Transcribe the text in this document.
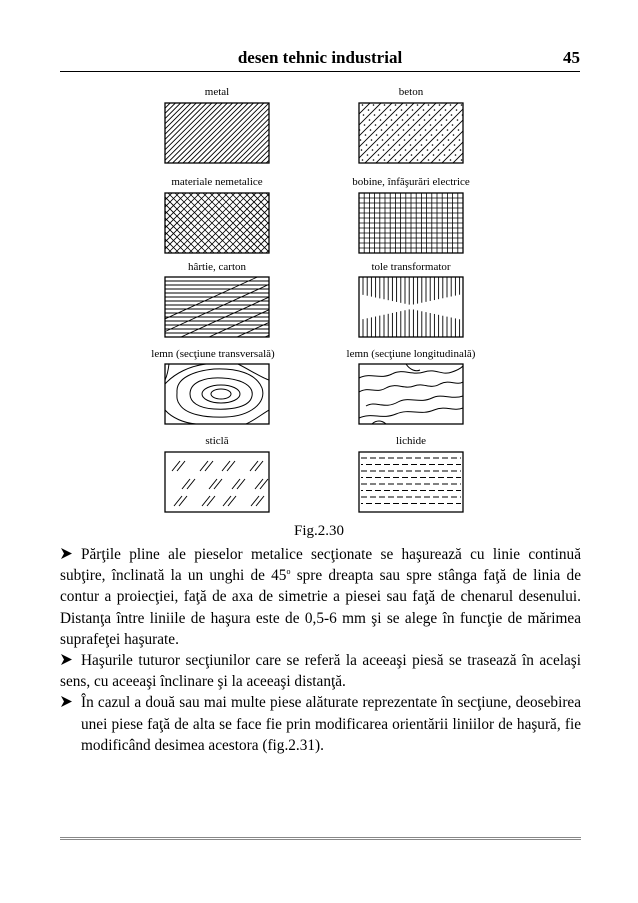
desen tehnic industrial	45
metal	beton
materiale nemetalice	bobine, înfăşurări electrice
hârtie, carton	tole transformator
lemn (secţiune transversală)	lemn (secţiune longitudinală)
sticlă	lichide
Fig.2.30

Părţile pline ale pieselor metalice secţionate se haşurează cu linie continuă subţire, înclinată la un unghi de 45$^o$ spre dreapta sau spre stânga faţă de linia de contur a proiecţiei, faţă de axa de simetrie a piesei sau faţă de chenarul desenului. Distanţa între liniile de haşura este de 0,5-6 mm şi se alege în funcţie de mărimea suprafeţei haşurate.

Haşurile tuturor secţiunilor care se referă la aceeaşi piesă se trasează în acelaşi sens, cu aceeaşi înclinare şi la aceeaşi distanţă.

În cazul a două sau mai multe piese alăturate reprezentate în secţiune, deosebirea unei piese faţă de alta se face fie prin modificarea orientării liniilor de haşură, fie modificând desimea acestora (fig.2.31).
